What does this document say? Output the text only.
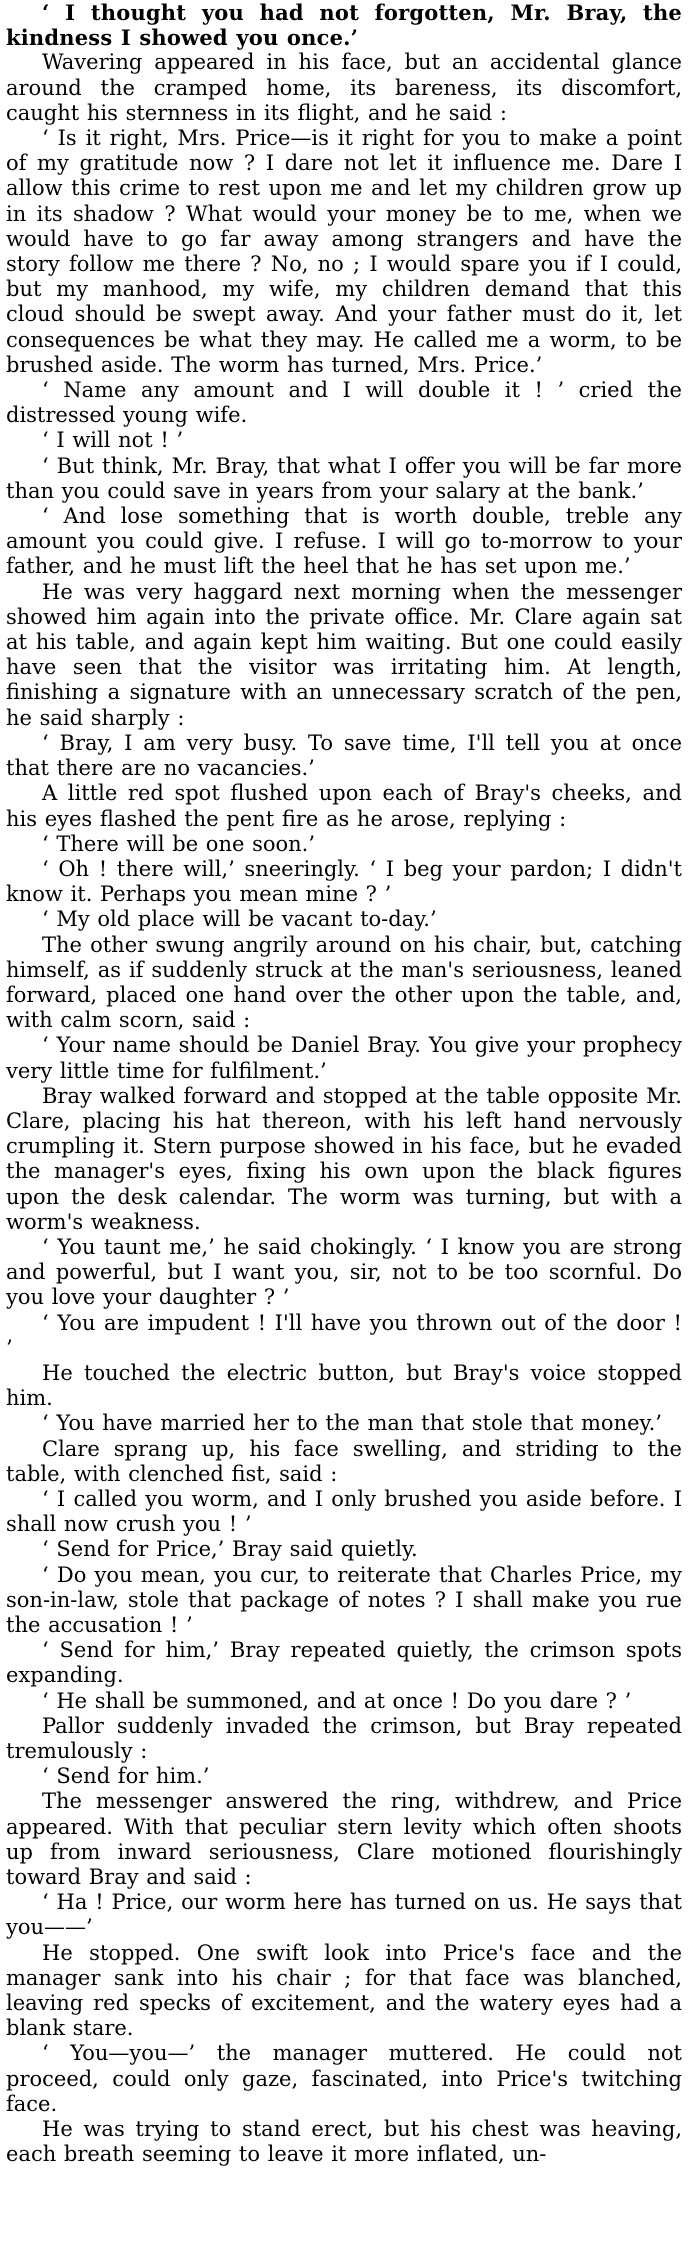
‘ I thought you had not forgotten, Mr. Bray, the kindness I showed you once.’

Wavering appeared in his face, but an accidental glance around the cramped home, its bareness, its discomfort, caught his sternness in its flight, and he said :

‘ Is it right, Mrs. Price—is it right for you to make a point of my gratitude now ? I dare not let it influence me. Dare I allow this crime to rest upon me and let my children grow up in its shadow ? What would your money be to me, when we would have to go far away among strangers and have the story follow me there ? No, no ; I would spare you if I could, but my manhood, my wife, my children demand that this cloud should be swept away. And your father must do it, let consequences be what they may. He called me a worm, to be brushed aside. The worm has turned, Mrs. Price.’

‘ Name any amount and I will double it ! ’ cried the distressed young wife.

‘ I will not ! ’

‘ But think, Mr. Bray, that what I offer you will be far more than you could save in years from your salary at the bank.’

‘ And lose something that is worth double, treble any amount you could give. I refuse. I will go to-morrow to your father, and he must lift the heel that he has set upon me.’

He was very haggard next morning when the messenger showed him again into the private office. Mr. Clare again sat at his table, and again kept him waiting. But one could easily have seen that the visitor was irritating him. At length, finishing a signature with an unnecessary scratch of the pen, he said sharply :

‘ Bray, I am very busy. To save time, I'll tell you at once that there are no vacancies.’

A little red spot flushed upon each of Bray's cheeks, and his eyes flashed the pent fire as he arose, replying :

‘ There will be one soon.’

‘ Oh ! there will,’ sneeringly. ‘ I beg your pardon; I didn't know it. Perhaps you mean mine ? ’

‘ My old place will be vacant to-day.’

The other swung angrily around on his chair, but, catching himself, as if suddenly struck at the man's seriousness, leaned forward, placed one hand over the other upon the table, and, with calm scorn, said :

‘ Your name should be Daniel Bray. You give your prophecy very little time for fulfilment.’

Bray walked forward and stopped at the table opposite Mr. Clare, placing his hat thereon, with his left hand nervously crumpling it. Stern purpose showed in his face, but he evaded the manager's eyes, fixing his own upon the black figures upon the desk calendar. The worm was turning, but with a worm's weakness.

‘ You taunt me,’ he said chokingly. ‘ I know you are strong and powerful, but I want you, sir, not to be too scornful. Do you love your daughter ? ’

‘ You are impudent ! I'll have you thrown out of the door ! ’

He touched the electric button, but Bray's voice stopped him.

‘ You have married her to the man that stole that money.’

Clare sprang up, his face swelling, and striding to the table, with clenched fist, said :

‘ I called you worm, and I only brushed you aside before. I shall now crush you ! ’

‘ Send for Price,’ Bray said quietly.

‘ Do you mean, you cur, to reiterate that Charles Price, my son-in-law, stole that package of notes ? I shall make you rue the accusation ! ’

‘ Send for him,’ Bray repeated quietly, the crimson spots expanding.

‘ He shall be summoned, and at once ! Do you dare ? ’

Pallor suddenly invaded the crimson, but Bray repeated tremulously :

‘ Send for him.’

The messenger answered the ring, withdrew, and Price appeared. With that peculiar stern levity which often shoots up from inward seriousness, Clare motioned flourishingly toward Bray and said :

‘ Ha ! Price, our worm here has turned on us. He says that you——’

He stopped. One swift look into Price's face and the manager sank into his chair ; for that face was blanched, leaving red specks of excitement, and the watery eyes had a blank stare.

‘ You—you—’ the manager muttered. He could not proceed, could only gaze, fascinated, into Price's twitching face.

He was trying to stand erect, but his chest was heaving, each breath seeming to leave it more inflated, un-
